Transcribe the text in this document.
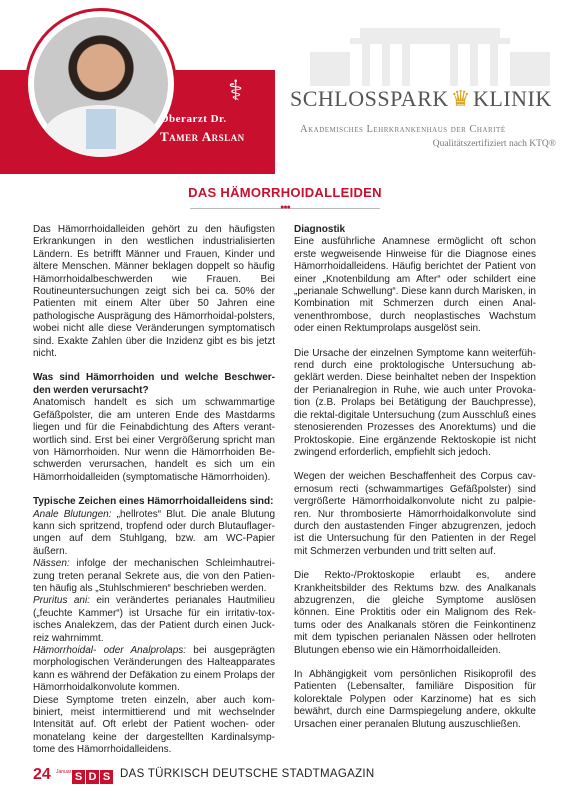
⚕
Oberarzt Dr.
Tamer Arslan
SCHLOSSPARK♛KLINIK
Akademisches Lehrkrankenhaus der Charité
Qualitätszertifiziert nach KTQ®
DAS HÄMORRHOIDALLEIDEN
●●●

Das Hämorrhoidalleiden gehört zu den häufigsten Erkrankungen in den westlichen industrialisierten Ländern. Es betrifft Männer und Frauen, Kinder und ältere Menschen. Männer beklagen doppelt so häufig Hämorrhoidalbeschwerden wie Frauen. Bei Routineuntersuchungen zeigt sich bei ca. 50% der Patienten mit einem Alter über 50 Jahren eine pathologische Ausprägung des Hämorrhoidal-polsters, wobei nicht alle diese Veränderungen symptomatisch sind. Exakte Zahlen über die Inzidenz gibt es bis jetzt nicht.

Was sind Hämorrhoiden und welche Beschwer-den werden verursacht?

Anatomisch handelt es sich um schwammartige Gefäßpolster, die am unteren Ende des Mastdarms liegen und für die Feinabdichtung des Afters verant-wortlich sind. Erst bei einer Vergrößerung spricht man von Hämorrhoiden. Nur wenn die Hämorrhoiden Be-schwerden verursachen, handelt es sich um ein Hämorrhoidalleiden (symptomatische Hämorrhoiden).

Typische Zeichen eines Hämorrhoidalleidens sind:

Anale Blutungen: „hellrotes“ Blut. Die anale Blutung kann sich spritzend, tropfend oder durch Blutauflager-ungen auf dem Stuhlgang, bzw. am WC-Papier äußern.

Nässen: infolge der mechanischen Schleimhautrei-zung treten peranal Sekrete aus, die von den Patien-ten häufig als „Stuhlschmieren“ beschrieben werden.

Pruritus ani: ein verändertes perianales Hautmilieu („feuchte Kammer“) ist Ursache für ein irritativ-tox-isches Analekzem, das der Patient durch einen Juck-reiz wahrnimmt.

Hämorrhoidal- oder Analprolaps: bei ausgeprägten morphologischen Veränderungen des Halteapparates kann es während der Defäkation zu einem Prolaps der Hämorrhoidalkonvolute kommen.

Diese Symptome treten einzeln, aber auch kom-biniert, meist intermittierend und mit wechselnder Intensität auf. Oft erlebt der Patient wochen- oder monatelang keine der dargestellten Kardinalsymp-tome des Hämorrhoidalleidens.

Diagnostik

Eine ausführliche Anamnese ermöglicht oft schon erste wegweisende Hinweise für die Diagnose eines Hämorrhoidalleidens. Häufig berichtet der Patient von einer „Knotenbildung am After“ oder schildert eine „perianale Schwellung“. Diese kann durch Marisken, in Kombination mit Schmerzen durch einen Anal-venenthrombose, durch neoplastisches Wachstum oder einen Rektumprolaps ausgelöst sein.

Die Ursache der einzelnen Symptome kann weiterfüh-rend durch eine proktologische Untersuchung ab-geklärt werden. Diese beinhaltet neben der Inspektion der Perianalregion in Ruhe, wie auch unter Provoka-tion (z.B. Prolaps bei Betätigung der Bauchpresse), die rektal-digitale Untersuchung (zum Ausschluß eines stenosierenden Prozesses des Anorektums) und die Proktoskopie. Eine ergänzende Rektoskopie ist nicht zwingend erforderlich, empfiehlt sich jedoch.

Wegen der weichen Beschaffenheit des Corpus cav-ernosum recti (schwammartiges Gefäßpolster) sind vergrößerte Hämorrhoidalkonvolute nicht zu palpie-ren. Nur thrombosierte Hämorrhoidalkonvolute sind durch den austastenden Finger abzugrenzen, jedoch ist die Untersuchung für den Patienten in der Regel mit Schmerzen verbunden und tritt selten auf.

Die Rekto-/Proktoskopie erlaubt es, andere Krankheitsbilder des Rektums bzw. des Analkanals abzugrenzen, die gleiche Symptome auslösen können. Eine Proktitis oder ein Malignom des Rek-tums oder des Analkanals stören die Feinkontinenz mit dem typischen perianalen Nässen oder hellroten Blutungen ebenso wie ein Hämorrhoidalleiden.

In Abhängigkeit vom persönlichen Risikoprofil des Patienten (Lebensalter, familiäre Disposition für kolorektale Polypen oder Karzinome) hat es sich bewährt, durch eine Darmspiegelung andere, okkulte Ursachen einer peranalen Blutung auszuschließen.

24 Januar S D S DAS TÜRKISCH DEUTSCHE STADTMAGAZIN
